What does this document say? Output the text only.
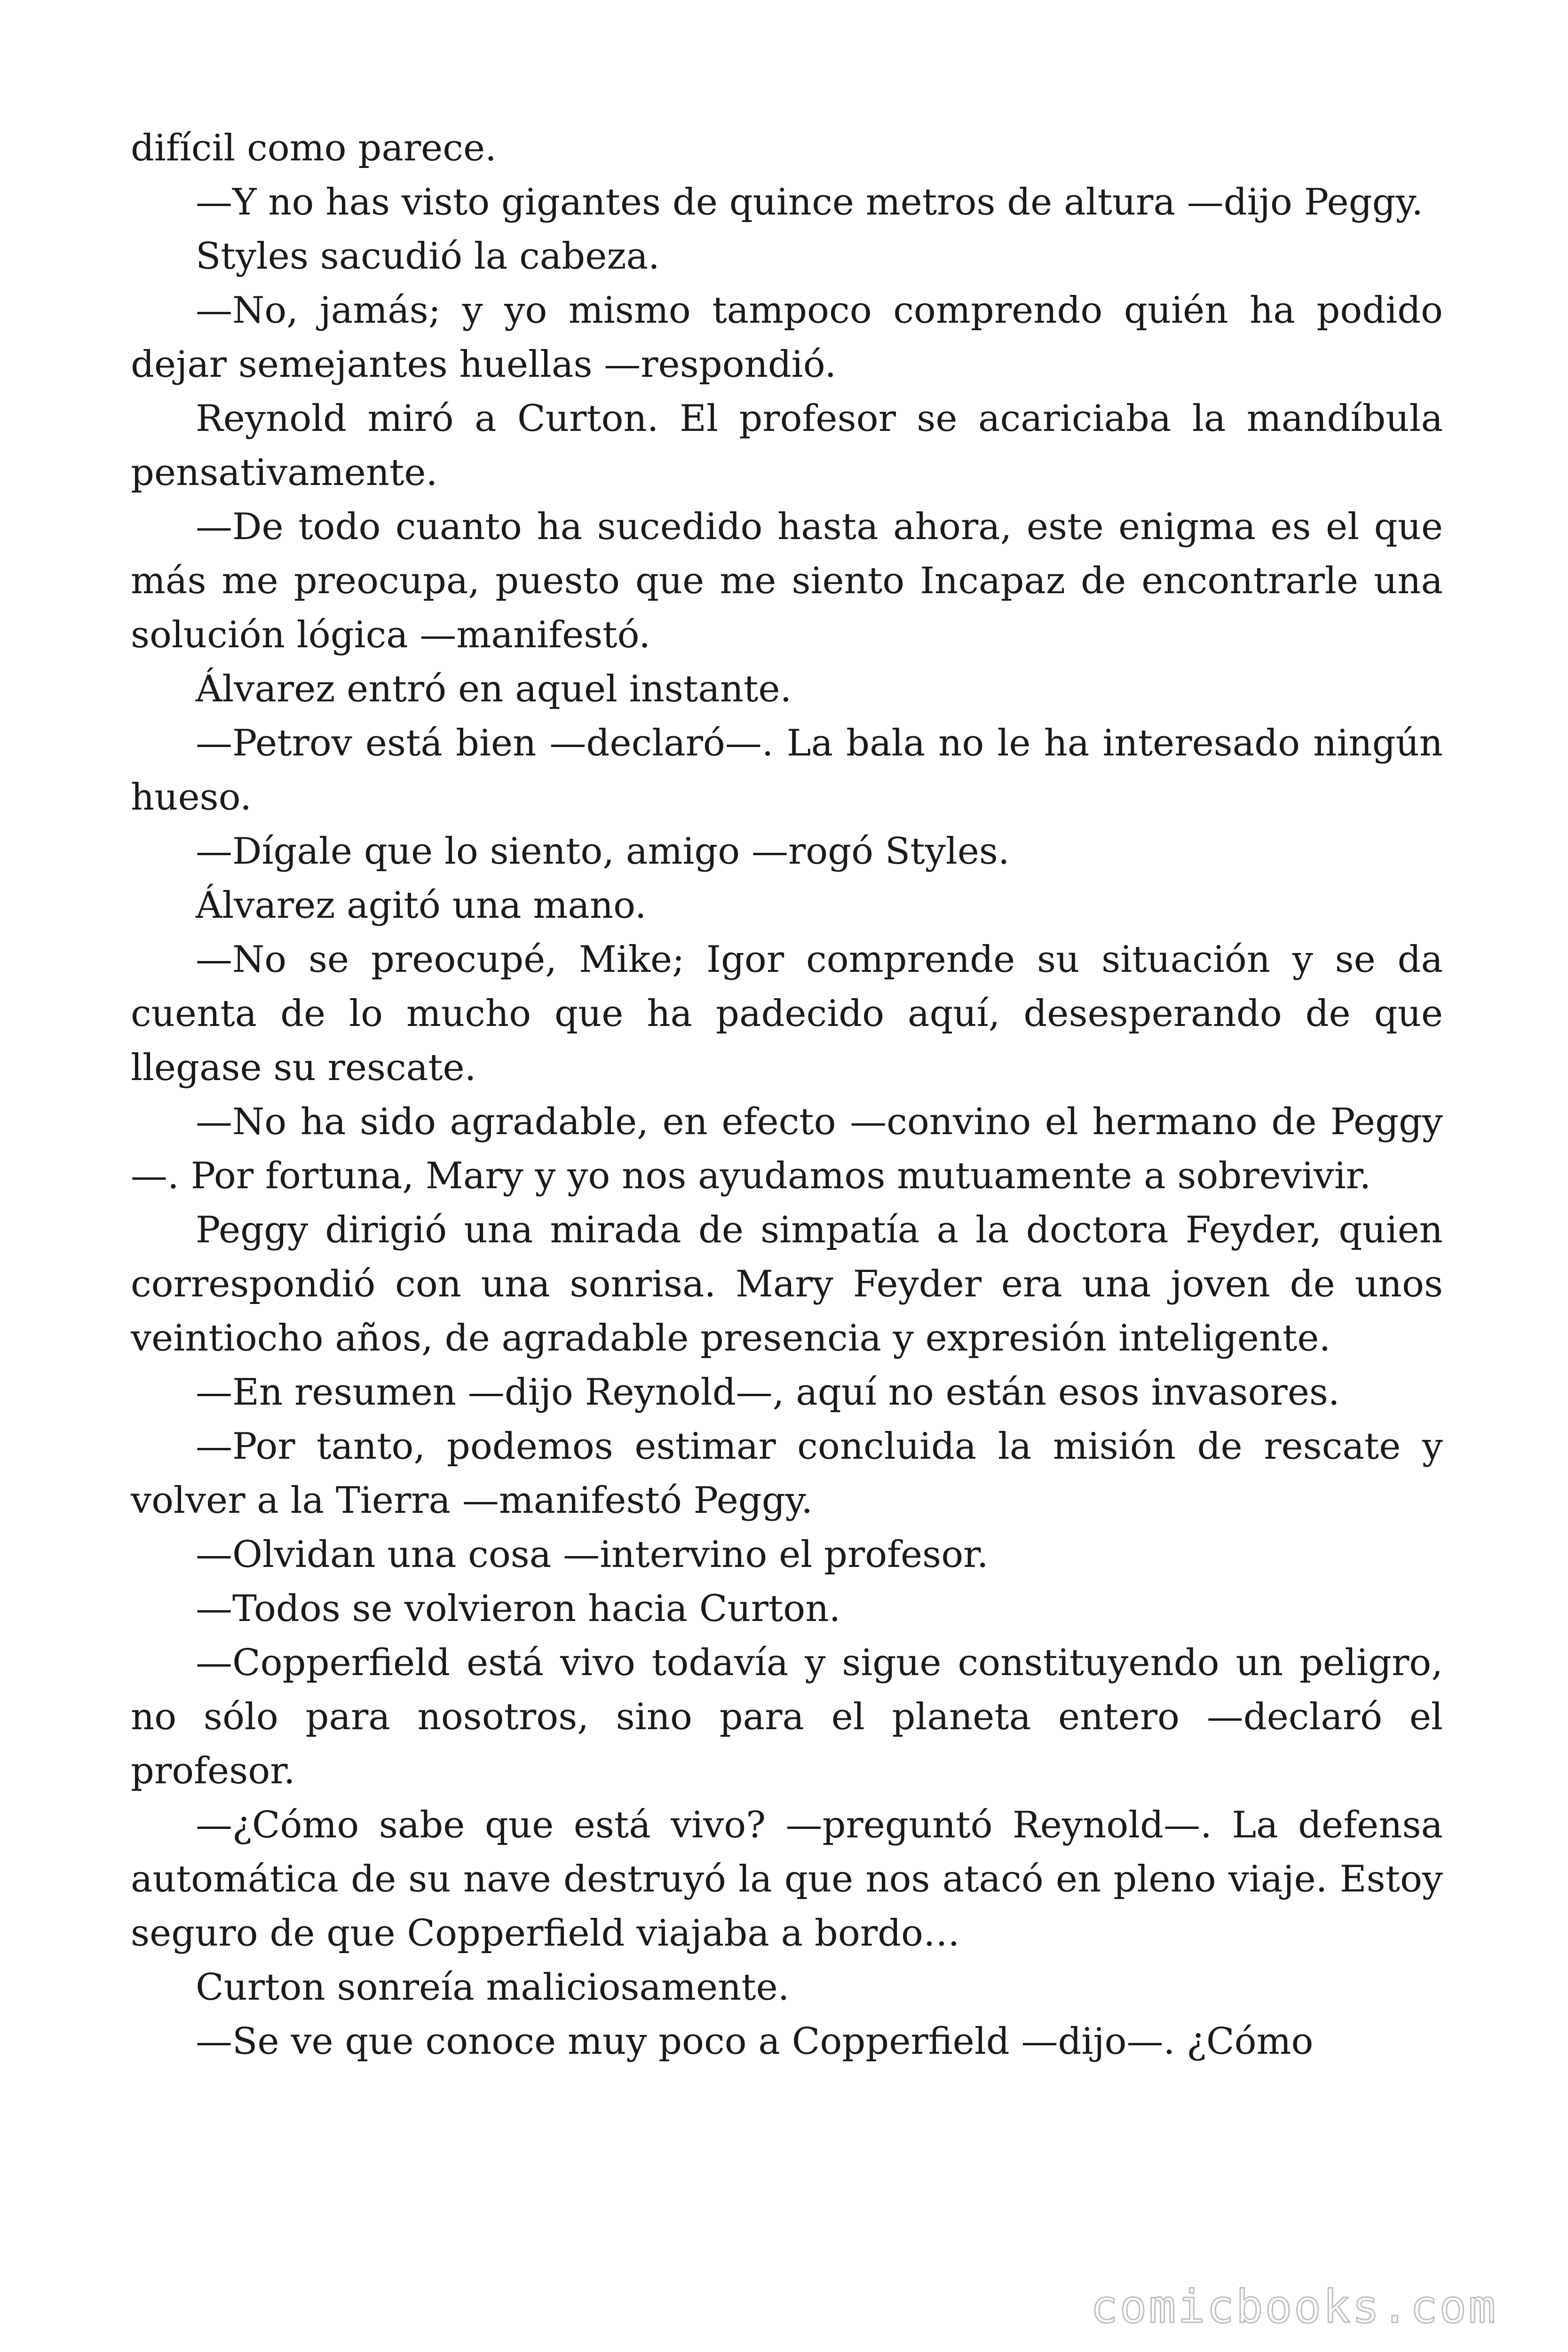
difícil como parece.

—Y no has visto gigantes de quince metros de altura —dijo Peggy.

Styles sacudió la cabeza.

—No, jamás; y yo mismo tampoco comprendo quién ha podido dejar semejantes huellas —respondió.

Reynold miró a Curton. El profesor se acariciaba la mandíbula pensativamente.

—De todo cuanto ha sucedido hasta ahora, este enigma es el que más me preocupa, puesto que me siento Incapaz de encontrarle una solución lógica —manifestó.

Álvarez entró en aquel instante.

—Petrov está bien —declaró—. La bala no le ha interesado ningún hueso.

—Dígale que lo siento, amigo —rogó Styles.

Álvarez agitó una mano.

—No se preocupé, Mike; Igor comprende su situación y se da cuenta de lo mucho que ha padecido aquí, desesperando de que llegase su rescate.

—No ha sido agradable, en efecto —convino el hermano de Peggy—. Por fortuna, Mary y yo nos ayudamos mutuamente a sobrevivir.

Peggy dirigió una mirada de simpatía a la doctora Feyder, quien correspondió con una sonrisa. Mary Feyder era una joven de unos veintiocho años, de agradable presencia y expresión inteligente.

—En resumen —dijo Reynold—, aquí no están esos invasores.

—Por tanto, podemos estimar concluida la misión de rescate y volver a la Tierra —manifestó Peggy.

—Olvidan una cosa —intervino el profesor.

—Todos se volvieron hacia Curton.

—Copperfield está vivo todavía y sigue constituyendo un peligro, no sólo para nosotros, sino para el planeta entero —declaró el profesor.

—¿Cómo sabe que está vivo? —preguntó Reynold—. La defensa automática de su nave destruyó la que nos atacó en pleno viaje. Estoy seguro de que Copperfield viajaba a bordo…

Curton sonreía maliciosamente.

—Se ve que conoce muy poco a Copperfield —dijo—. ¿Cómo

comicbooks.com
